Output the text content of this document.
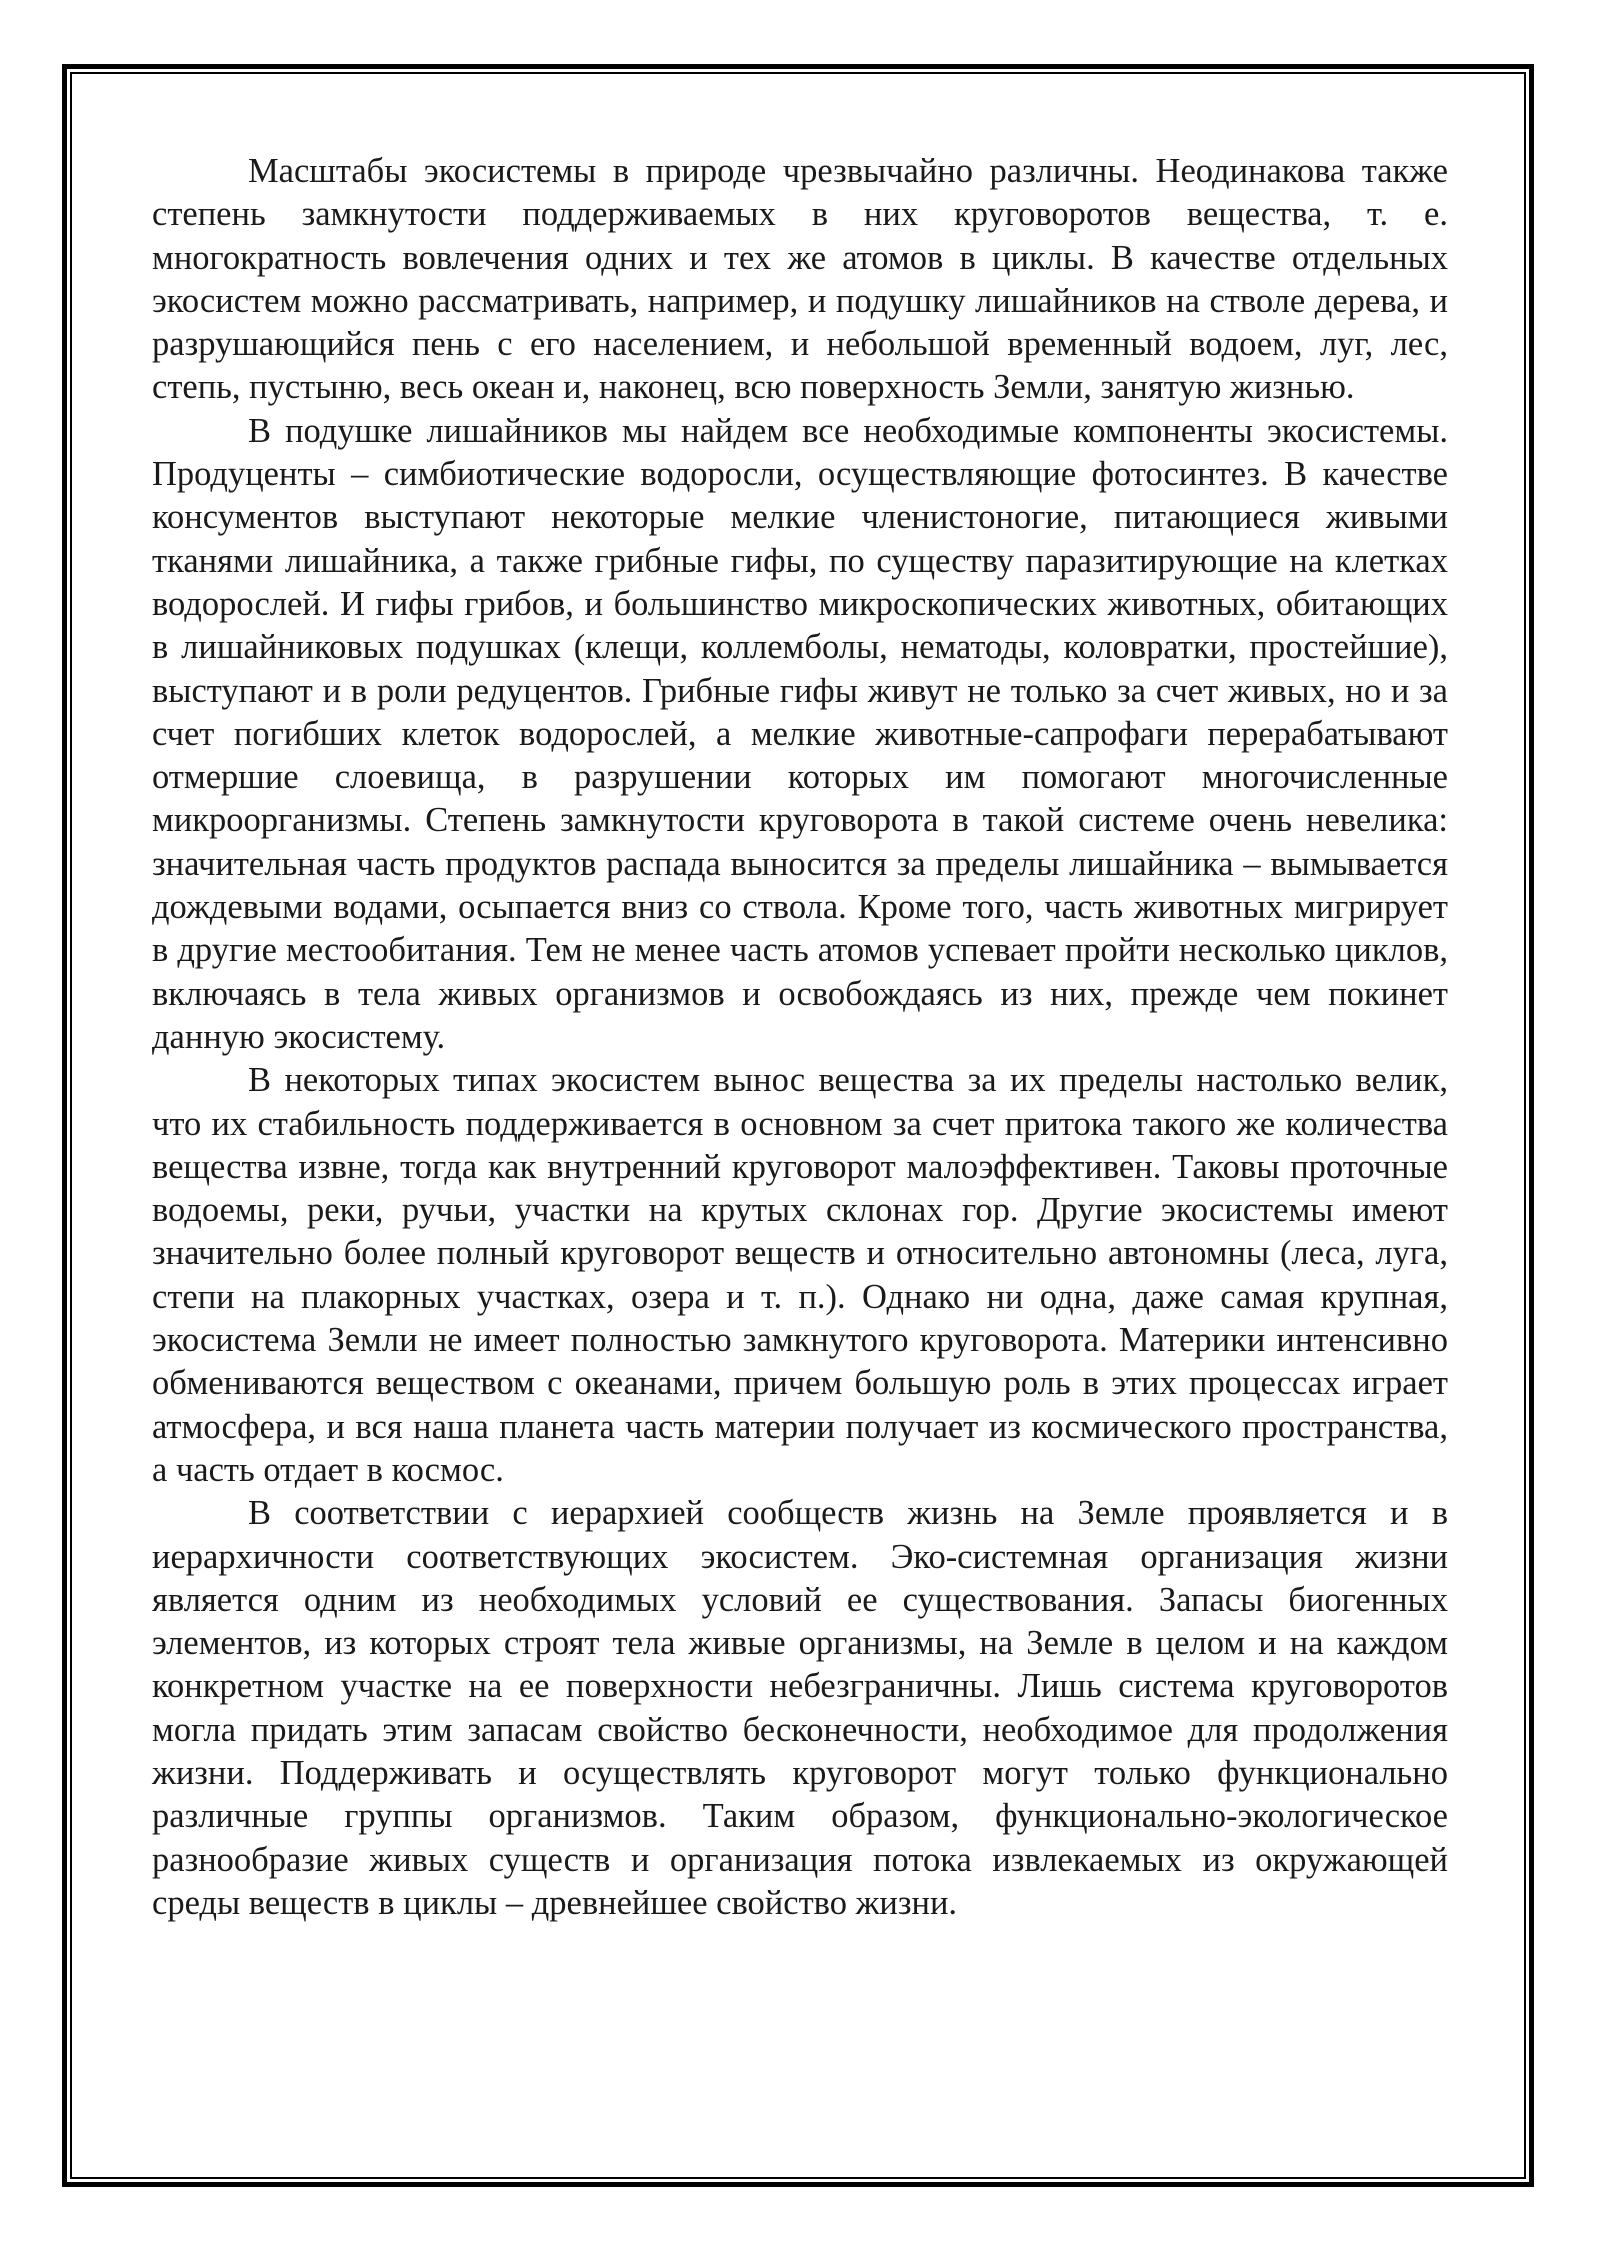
Масштабы экосистемы в природе чрезвычайно различны. Неодинакова также степень замкнутости поддерживаемых в них круговоротов вещества, т. е. многократность вовлечения одних и тех же атомов в циклы. В качестве отдельных экосистем можно рассматривать, например, и подушку лишайников на стволе дерева, и разрушающийся пень с его населением, и небольшой временный водоем, луг, лес, степь, пустыню, весь океан и, наконец, всю поверхность Земли, занятую жизнью.

В подушке лишайников мы найдем все необходимые компоненты экосистемы. Продуценты – симбиотические водоросли, осуществляющие фотосинтез. В качестве консументов выступают некоторые мелкие членистоногие, питающиеся живыми тканями лишайника, а также грибные гифы, по существу паразитирующие на клетках водорослей. И гифы грибов, и большинство микроскопических животных, обитающих в лишайниковых подушках (клещи, коллемболы, нематоды, коловратки, простейшие), выступают и в роли редуцентов. Грибные гифы живут не только за счет живых, но и за счет погибших клеток водорослей, а мелкие животные-сапрофаги перерабатывают отмершие слоевища, в разрушении которых им помогают многочисленные микроорганизмы. Степень замкнутости круговорота в такой системе очень невелика: значительная часть продуктов распада выносится за пределы лишайника – вымывается дождевыми водами, осыпается вниз со ствола. Кроме того, часть животных мигрирует в другие местообитания. Тем не менее часть атомов успевает пройти несколько циклов, включаясь в тела живых организмов и освобождаясь из них, прежде чем покинет данную экосистему.

В некоторых типах экосистем вынос вещества за их пределы настолько велик, что их стабильность поддерживается в основном за счет притока такого же количества вещества извне, тогда как внутренний круговорот малоэффективен. Таковы проточные водоемы, реки, ручьи, участки на крутых склонах гор. Другие экосистемы имеют значительно более полный круговорот веществ и относительно автономны (леса, луга, степи на плакорных участках, озера и т. п.). Однако ни одна, даже самая крупная, экосистема Земли не имеет полностью замкнутого круговорота. Материки интенсивно обмениваются веществом с океанами, причем большую роль в этих процессах играет атмосфера, и вся наша планета часть материи получает из космического пространства, а часть отдает в космос.

В соответствии с иерархией сообществ жизнь на Земле проявляется и в иерархичности соответствующих экосистем. Эко-системная организация жизни является одним из необходимых условий ее существования. Запасы биогенных элементов, из которых строят тела живые организмы, на Земле в целом и на каждом конкретном участке на ее поверхности небезграничны. Лишь система круговоротов могла придать этим запасам свойство бесконечности, необходимое для продолжения жизни. Поддерживать и осуществлять круговорот могут только функционально различные группы организмов. Таким образом, функционально-экологическое разнообразие живых существ и организация потока извлекаемых из окружающей среды веществ в циклы – древнейшее свойство жизни.
